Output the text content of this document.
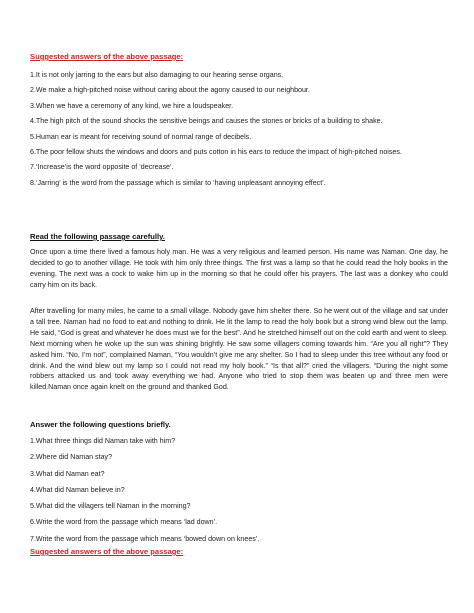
Suggested answers of the above passage:

1.It is not only jarring to the ears but also damaging to our hearing sense organs.
2.We make a high-pitched noise without caring about the agony caused to our neighbour.
3.When we have a ceremony of any kind, we hire a loudspeaker.
4.The high pitch of the sound shocks the sensitive beings and causes the stones or bricks of a building to shake.
5.Human ear is meant for receiving sound of normal range of decibels.
6.The poor fellow shuts the windows and doors and puts cotton in his ears to reduce the impact of high-pitched noises.
7.‘Increase’is the word opposite of ‘decrease’.
8.‘Jarring’ is the word from the passage which is similar to ‘having unpleasant annoying effect’.

Read the following passage carefully.

Once upon a time there lived a famous holy man. He was a very religious and learned person. His name was Naman. One day, he decided to go to another village. He took with him only three things. The first was a lamp so that he could read the holy books in the evening. The next was a cock to wake him up in the morning so that he could offer his prayers. The last was a donkey who could carry him on its back.

After travelling for many miles, he came to a small village. Nobody gave him shelter there. So he went out of the village and sat under a tall tree. Naman had no food to eat and nothing to drink. He lit the lamp to read the holy book but a strong wind blew out the lamp. He said, “God is great and whatever he does must we for the best”. And he stretched himself out on the cold earth and went to sleep. Next morning when he woke up the sun was shining brightly. He saw some villagers coming towards him. “Are you all right”? They asked him. “No, I’m not”, complained Naman, “You wouldn’t give me any shelter. So I had to sleep under this tree without any food or drink. And the wind blew out my lamp so I could not read my holy book.” “Is that all?” cried the villagers. “During the night some robbers attacked us and took away everything we had. Anyone who tried to stop them was beaten up and three men were killed.Naman once again knelt on the ground and thanked God.

Answer the following questions briefly.

1.What three things did Naman take with him?
2.Where did Naman stay?
3.What did Naman eat?
4.What did Naman believe in?
5.What did the villagers tell Naman in the morning?
6.Write the word from the passage which means ‘lad down’.
7.Write the word from the passage which means ‘bowed down on knees’.

Suggested answers of the above passage:
